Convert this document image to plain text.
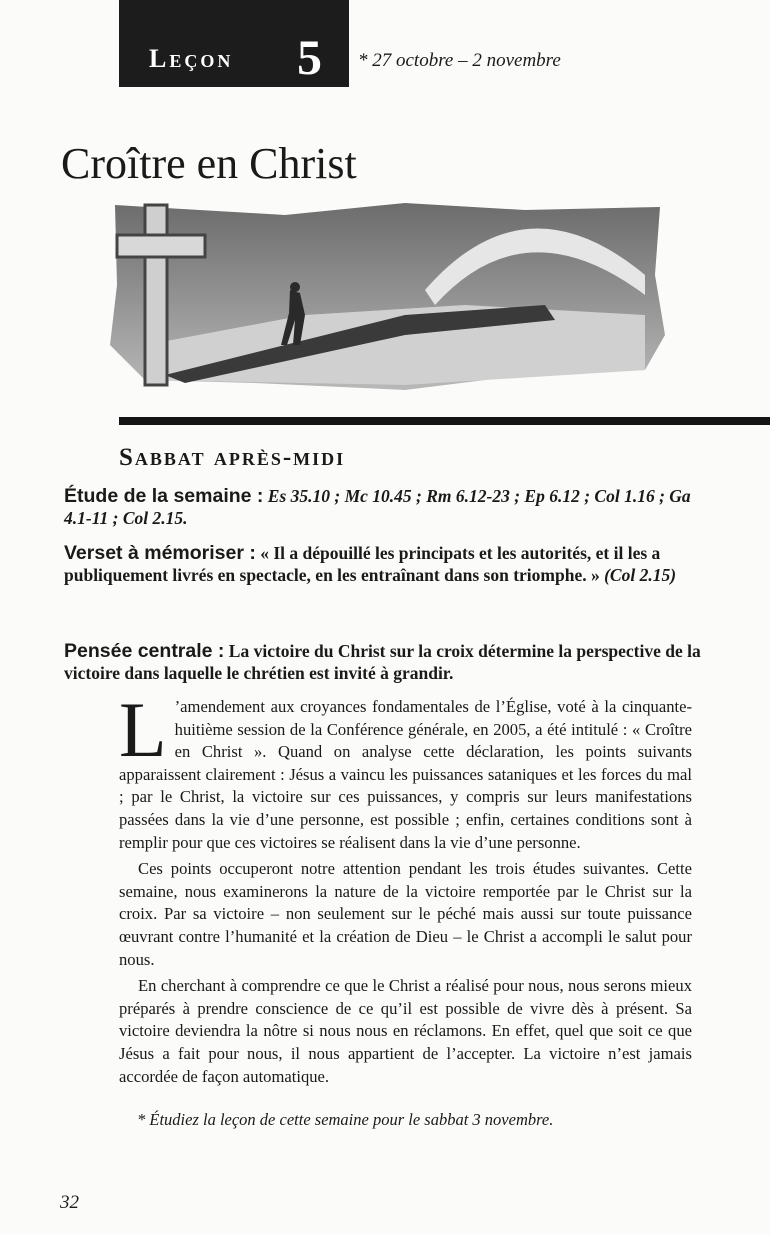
Leçon 5 * 27 octobre – 2 novembre
Croître en Christ
Sabbat après-midi
Étude de la semaine : Es 35.10 ; Mc 10.45 ; Rm 6.12-23 ; Ep 6.12 ; Col 1.16 ; Ga 4.1-11 ; Col 2.15.
Verset à mémoriser : « Il a dépouillé les principats et les autorités, et il les a publiquement livrés en spectacle, en les entraînant dans son triomphe. » (Col 2.15)
Pensée centrale : La victoire du Christ sur la croix détermine la perspective de la victoire dans laquelle le chrétien est invité à grandir.

L ’amendement aux croyances fondamentales de l’Église, voté à la cinquante-huitième session de la Conférence générale, en 2005, a été intitulé : « Croître en Christ ». Quand on analyse cette déclaration, les points suivants apparaissent clairement : Jésus a vaincu les puissances sataniques et les forces du mal ; par le Christ, la victoire sur ces puissances, y compris sur leurs manifestations passées dans la vie d’une personne, est possible ; enfin, certaines conditions sont à remplir pour que ces victoires se réalisent dans la vie d’une personne.

Ces points occuperont notre attention pendant les trois études suivantes. Cette semaine, nous examinerons la nature de la victoire remportée par le Christ sur la croix. Par sa victoire – non seulement sur le péché mais aussi sur toute puissance œuvrant contre l’humanité et la création de Dieu – le Christ a accompli le salut pour nous.

En cherchant à comprendre ce que le Christ a réalisé pour nous, nous serons mieux préparés à prendre conscience de ce qu’il est possible de vivre dès à présent. Sa victoire deviendra la nôtre si nous nous en réclamons. En effet, quel que soit ce que Jésus a fait pour nous, il nous appartient de l’accepter. La victoire n’est jamais accordée de façon automatique.

* Étudiez la leçon de cette semaine pour le sabbat 3 novembre.
32
